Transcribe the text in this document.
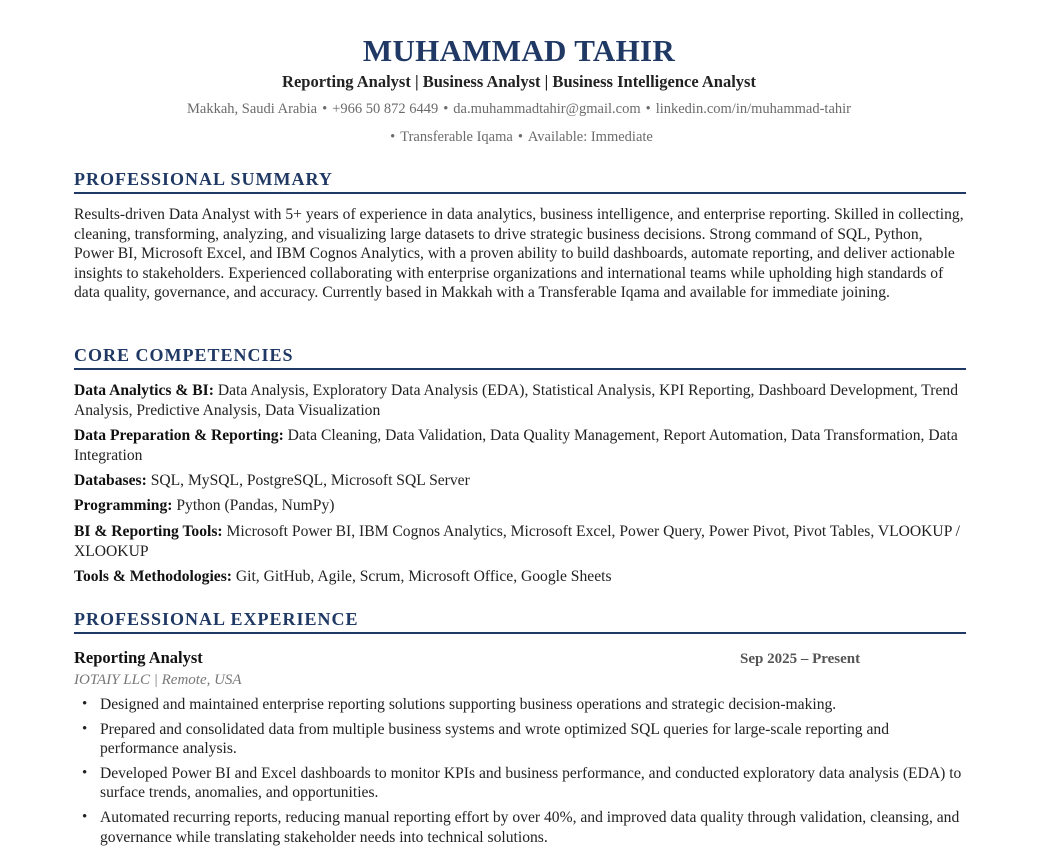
MUHAMMAD TAHIR
Reporting Analyst | Business Analyst | Business Intelligence Analyst
Makkah, Saudi Arabia • +966 50 872 6449 • da.muhammadtahir@gmail.com • linkedin.com/in/muhammad-tahir
• Transferable Iqama • Available: Immediate
PROFESSIONAL SUMMARY
Results-driven Data Analyst with 5+ years of experience in data analytics, business intelligence, and enterprise reporting. Skilled in collecting, cleaning, transforming, analyzing, and visualizing large datasets to drive strategic business decisions. Strong command of SQL, Python, Power BI, Microsoft Excel, and IBM Cognos Analytics, with a proven ability to build dashboards, automate reporting, and deliver actionable insights to stakeholders. Experienced collaborating with enterprise organizations and international teams while upholding high standards of data quality, governance, and accuracy. Currently based in Makkah with a Transferable Iqama and available for immediate joining.
CORE COMPETENCIES
Data Analytics & BI: Data Analysis, Exploratory Data Analysis (EDA), Statistical Analysis, KPI Reporting, Dashboard Development, Trend Analysis, Predictive Analysis, Data Visualization
Data Preparation & Reporting: Data Cleaning, Data Validation, Data Quality Management, Report Automation, Data Transformation, Data Integration
Databases: SQL, MySQL, PostgreSQL, Microsoft SQL Server
Programming: Python (Pandas, NumPy)
BI & Reporting Tools: Microsoft Power BI, IBM Cognos Analytics, Microsoft Excel, Power Query, Power Pivot, Pivot Tables, VLOOKUP / XLOOKUP
Tools & Methodologies: Git, GitHub, Agile, Scrum, Microsoft Office, Google Sheets
PROFESSIONAL EXPERIENCE
Reporting Analyst	Sep 2025 – Present
IOTAIY LLC | Remote, USA
• Designed and maintained enterprise reporting solutions supporting business operations and strategic decision-making.
• Prepared and consolidated data from multiple business systems and wrote optimized SQL queries for large-scale reporting and performance analysis.
• Developed Power BI and Excel dashboards to monitor KPIs and business performance, and conducted exploratory data analysis (EDA) to surface trends, anomalies, and opportunities.
• Automated recurring reports, reducing manual reporting effort by over 40%, and improved data quality through validation, cleansing, and governance while translating stakeholder needs into technical solutions.
